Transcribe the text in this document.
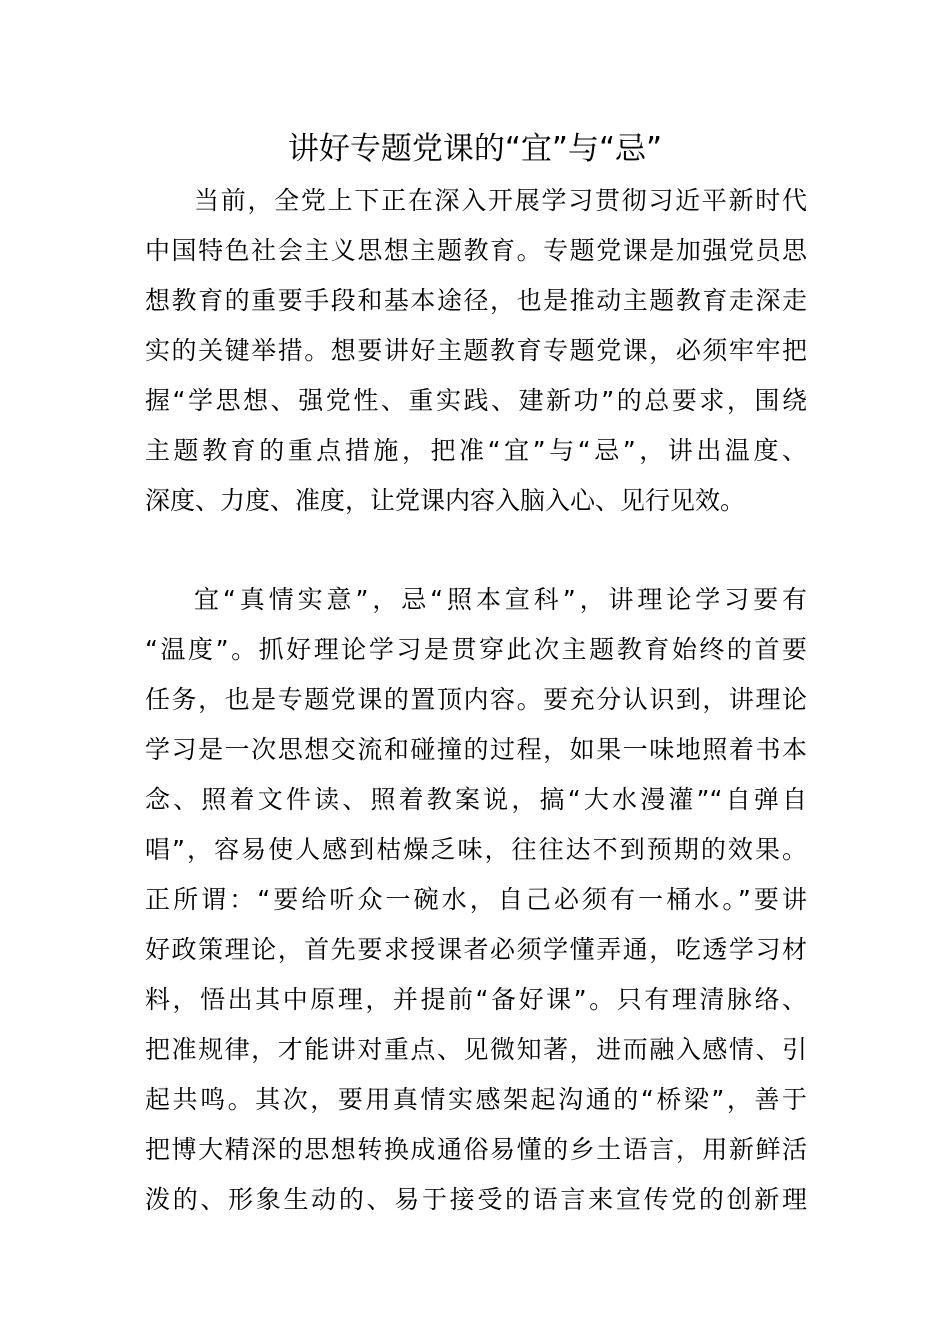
讲好专题党课的“宜”与“忌”

当前，全党上下正在深入开展学习贯彻习近平新时代

中国特色社会主义思想主题教育。专题党课是加强党员思

想教育的重要手段和基本途径，也是推动主题教育走深走

实的关键举措。想要讲好主题教育专题党课，必须牢牢把

握“学思想、强党性、重实践、建新功”的总要求，围绕

主题教育的重点措施，把准“宜”与“忌”，讲出温度、

深度、力度、准度，让党课内容入脑入心、见行见效。

宜“真情实意”，忌“照本宣科”，讲理论学习要有

“温度”。抓好理论学习是贯穿此次主题教育始终的首要

任务，也是专题党课的置顶内容。要充分认识到，讲理论

学习是一次思想交流和碰撞的过程，如果一味地照着书本

念、照着文件读、照着教案说，搞“大水漫灌”“自弹自

唱”，容易使人感到枯燥乏味，往往达不到预期的效果。

正所谓：“要给听众一碗水，自己必须有一桶水。”要讲

好政策理论，首先要求授课者必须学懂弄通，吃透学习材

料，悟出其中原理，并提前“备好课”。只有理清脉络、

把准规律，才能讲对重点、见微知著，进而融入感情、引

起共鸣。其次，要用真情实感架起沟通的“桥梁”，善于

把博大精深的思想转换成通俗易懂的乡土语言，用新鲜活

泼的、形象生动的、易于接受的语言来宣传党的创新理
